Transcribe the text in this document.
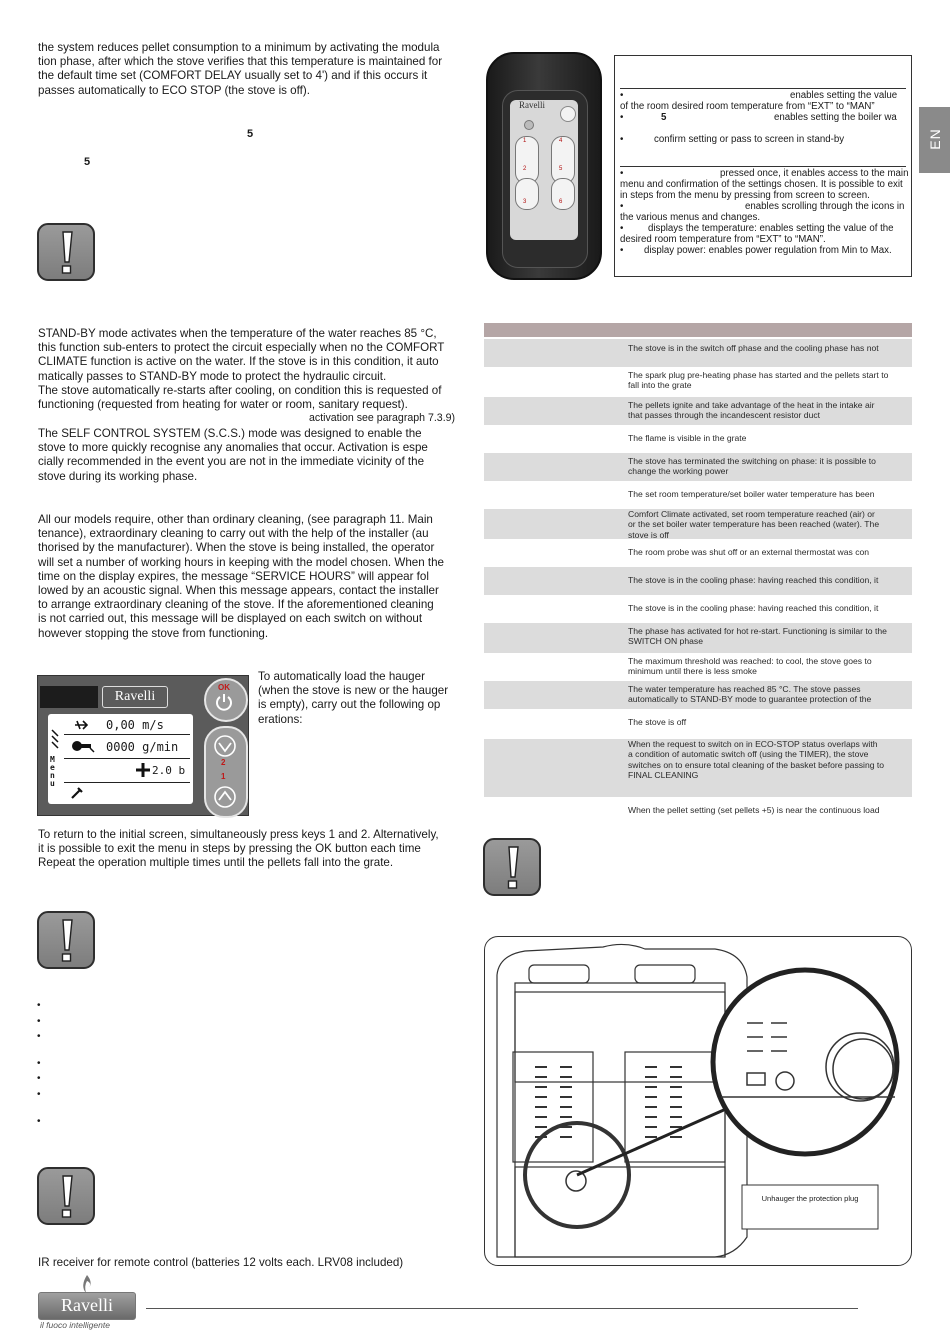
the system reduces pellet consumption to a minimum by activating the modula
tion phase, after which the stove verifies that this temperature is maintained for
the default time set (COMFORT DELAY usually set to 4') and if this occurs it
passes automatically to ECO STOP (the stove is off).
5
5
STAND-BY mode activates when the temperature of the water reaches 85 °C,
this function sub-enters to protect the circuit especially when no the COMFORT
CLIMATE function is active on the water. If the stove is in this condition, it auto
matically passes to STAND-BY mode to protect the hydraulic circuit.
The stove automatically re-starts after cooling, on condition this is requested of
functioning (requested from heating for water or room, sanitary request).
activation see paragraph 7.3.9)
The SELF CONTROL SYSTEM (S.C.S.) mode was designed to enable the
stove to more quickly recognise any anomalies that occur. Activation is espe
cially recommended in the event you are not in the immediate vicinity of the
stove during its working phase.
All our models require, other than ordinary cleaning, (see paragraph 11. Main
tenance), extraordinary cleaning to carry out with the help of the installer (au
thorised by the manufacturer). When the stove is being installed, the operator
will set a number of working hours in keeping with the model chosen. When the
time on the display expires, the message “SERVICE HOURS” will appear fol
lowed by an acoustic signal. When this message appears, contact the installer
to arrange extraordinary cleaning of the stove. If the aforementioned cleaning
is not carried out, this message will be displayed on each switch on without
however stopping the stove from functioning.
Ravelli
M
e
n
u
0,00 m/s
0000 g/min
2.0 b
OK
2
1
To automatically load the hauger
(when the stove is new or the hauger
is empty), carry out the following op
erations:
To return to the initial screen, simultaneously press keys 1 and 2. Alternatively,
it is possible to exit the menu in steps by pressing the OK button each time
Repeat the operation multiple times until the pellets fall into the grate.
•
•
•
•
•
•
•
IR receiver for remote control (batteries 12 volts each. LRV08 included)
Ravelli
1	4
2	5
3	6
•	enables setting the value
of the room desired room temperature from “EXT” to “MAN”
•	5	enables setting the boiler wa
•	confirm setting or pass to screen in stand-by
•	pressed once, it enables access to the main
menu and confirmation of the settings chosen. It is possible to exit
in steps from the menu by pressing from screen to screen.
•	enables scrolling through the icons in
the various menus and changes.
•	displays the temperature: enables setting the value of the
desired room temperature from “EXT” to “MAN”.
• display power: enables power regulation from Min to Max.
EN
The stove is in the switch off phase and the cooling phase has not
The spark plug pre-heating phase has started and the pellets start to
fall into the grate
The pellets ignite and take advantage of the heat in the intake air
that passes through the incandescent resistor duct
The flame is visible in the grate
The stove has terminated the switching on phase: it is possible to
change the working power
The set room temperature/set boiler water temperature has been
Comfort Climate activated, set room temperature reached (air) or
or the set boiler water temperature has been reached (water). The
stove is off
The room probe was shut off or an external thermostat was con
The stove is in the cooling phase: having reached this condition, it
The stove is in the cooling phase: having reached this condition, it
The phase has activated for hot re-start. Functioning is similar to the
SWITCH ON phase
The maximum threshold was reached: to cool, the stove goes to
minimum until there is less smoke
The water temperature has reached 85 °C. The stove passes
automatically to STAND-BY mode to guarantee protection of the
The stove is off
When the request to switch on in ECO-STOP status overlaps with
a condition of automatic switch off (using the TIMER), the stove
switches on to ensure total cleaning of the basket before passing to
FINAL CLEANING
When the pellet setting (set pellets +5) is near the continuous load
Unhauger the protection plug
Ravelli
il fuoco intelligente
